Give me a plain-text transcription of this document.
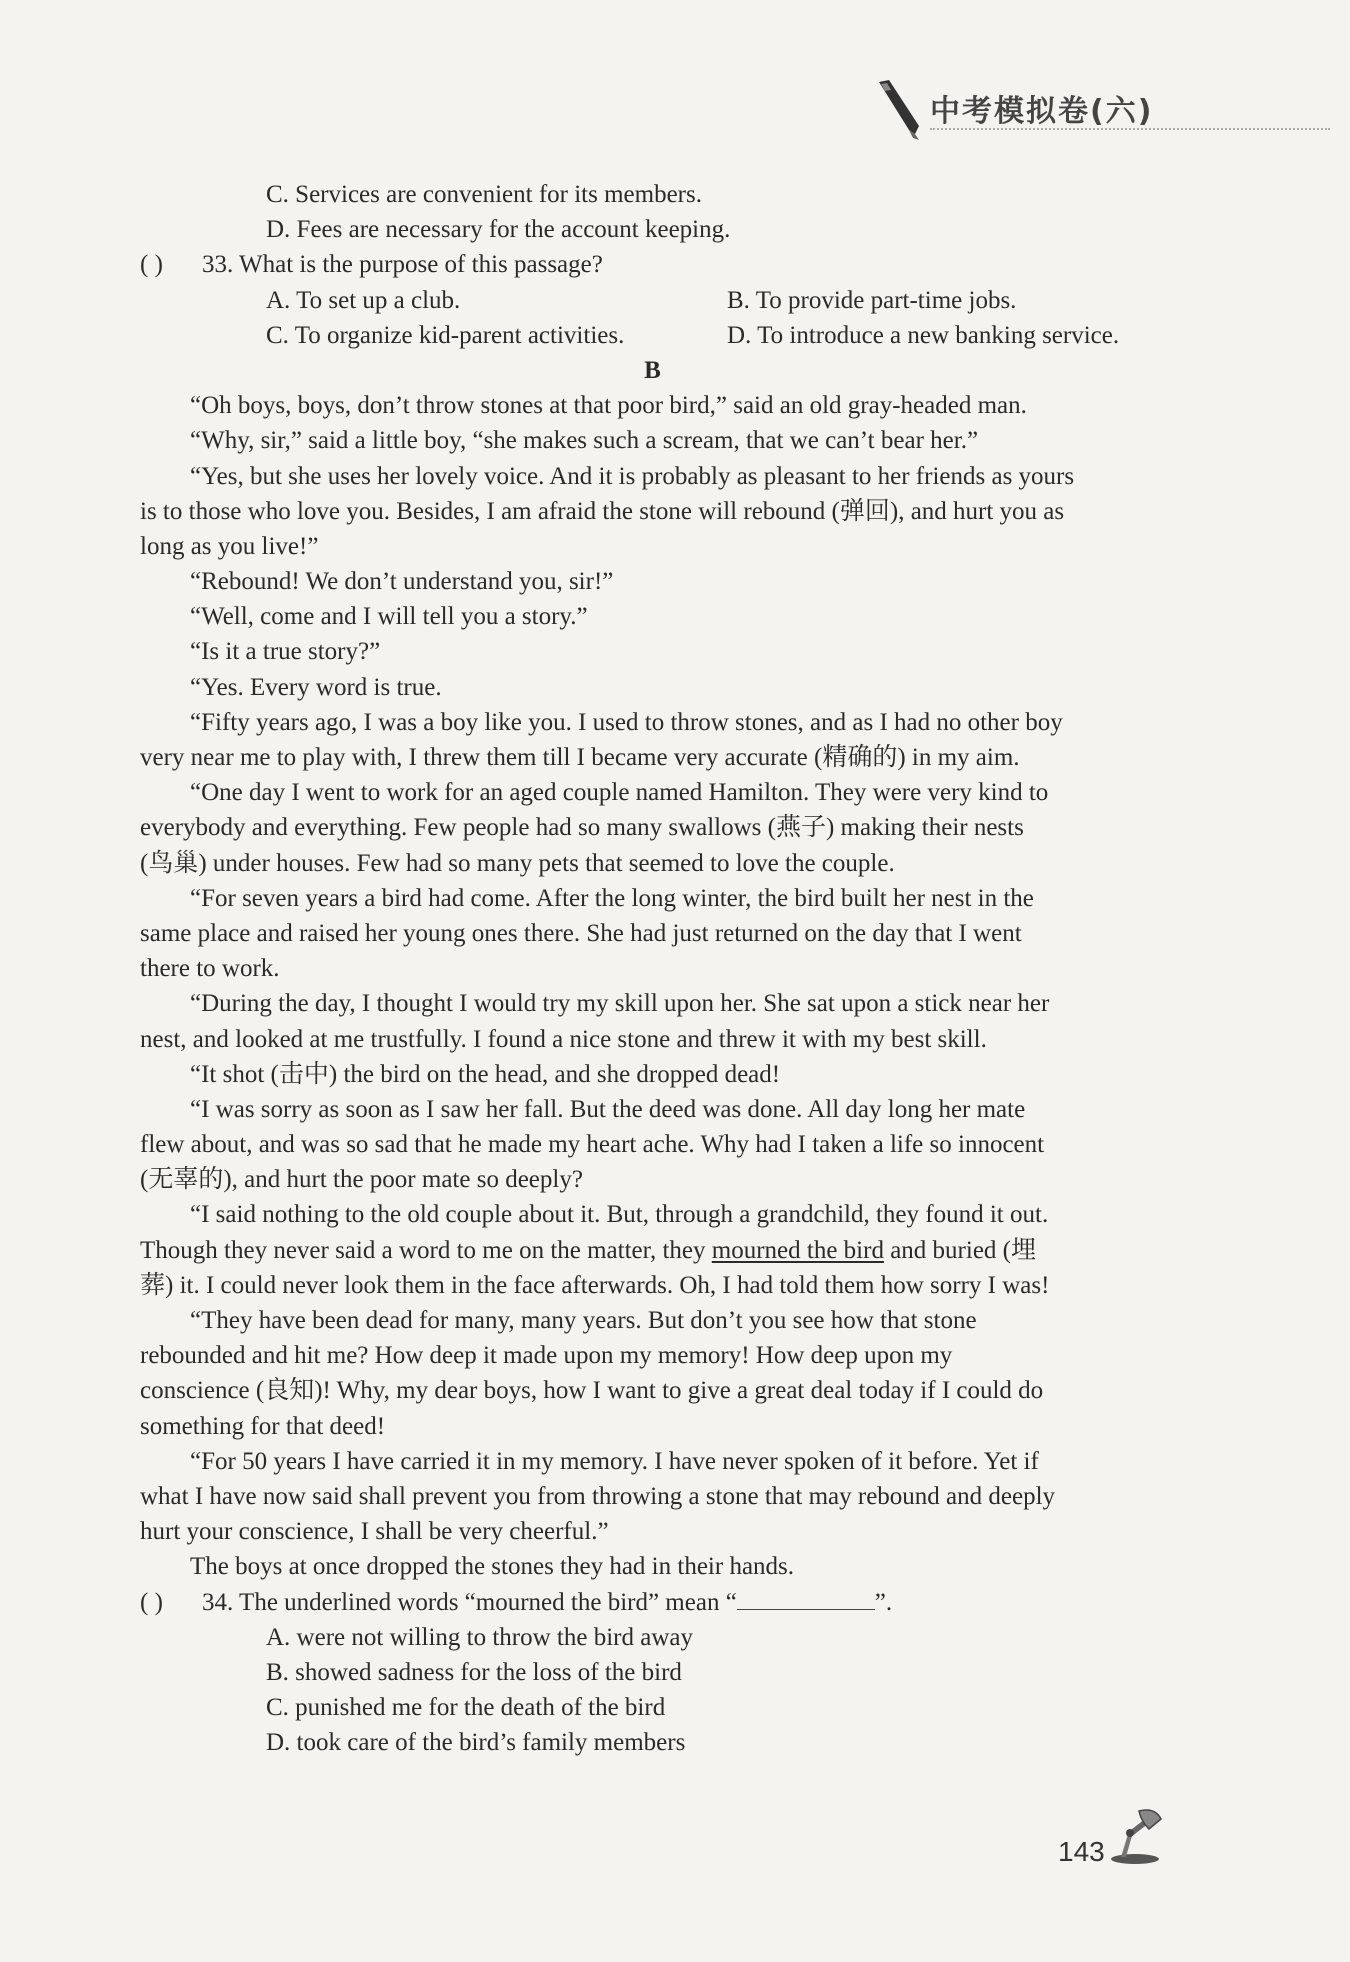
中考模拟卷(六)
C. Services are convenient for its members.
D. Fees are necessary for the account keeping.
( ) 33. What is the purpose of this passage?
A. To set up a club.	B. To provide part-time jobs.
C. To organize kid-parent activities.	D. To introduce a new banking service.
B
“Oh boys, boys, don’t throw stones at that poor bird,” said an old gray-headed man.
“Why, sir,” said a little boy, “she makes such a scream, that we can’t bear her.”
“Yes, but she uses her lovely voice. And it is probably as pleasant to her friends as yours
is to those who love you. Besides, I am afraid the stone will rebound (弹回), and hurt you as
long as you live!”
“Rebound! We don’t understand you, sir!”
“Well, come and I will tell you a story.”
“Is it a true story?”
“Yes. Every word is true.
“Fifty years ago, I was a boy like you. I used to throw stones, and as I had no other boy
very near me to play with, I threw them till I became very accurate (精确的) in my aim.
“One day I went to work for an aged couple named Hamilton. They were very kind to
everybody and everything. Few people had so many swallows (燕子) making their nests
(鸟巢) under houses. Few had so many pets that seemed to love the couple.
“For seven years a bird had come. After the long winter, the bird built her nest in the
same place and raised her young ones there. She had just returned on the day that I went
there to work.
“During the day, I thought I would try my skill upon her. She sat upon a stick near her
nest, and looked at me trustfully. I found a nice stone and threw it with my best skill.
“It shot (击中) the bird on the head, and she dropped dead!
“I was sorry as soon as I saw her fall. But the deed was done. All day long her mate
flew about, and was so sad that he made my heart ache. Why had I taken a life so innocent
(无辜的), and hurt the poor mate so deeply?
“I said nothing to the old couple about it. But, through a grandchild, they found it out.
Though they never said a word to me on the matter, they mourned the bird and buried (埋
葬) it. I could never look them in the face afterwards. Oh, I had told them how sorry I was!
“They have been dead for many, many years. But don’t you see how that stone
rebounded and hit me? How deep it made upon my memory! How deep upon my
conscience (良知)! Why, my dear boys, how I want to give a great deal today if I could do
something for that deed!
“For 50 years I have carried it in my memory. I have never spoken of it before. Yet if
what I have now said shall prevent you from throwing a stone that may rebound and deeply
hurt your conscience, I shall be very cheerful.”
The boys at once dropped the stones they had in their hands.
( ) 34. The underlined words “mourned the bird” mean “	”.
A. were not willing to throw the bird away
B. showed sadness for the loss of the bird
C. punished me for the death of the bird
D. took care of the bird’s family members
143
